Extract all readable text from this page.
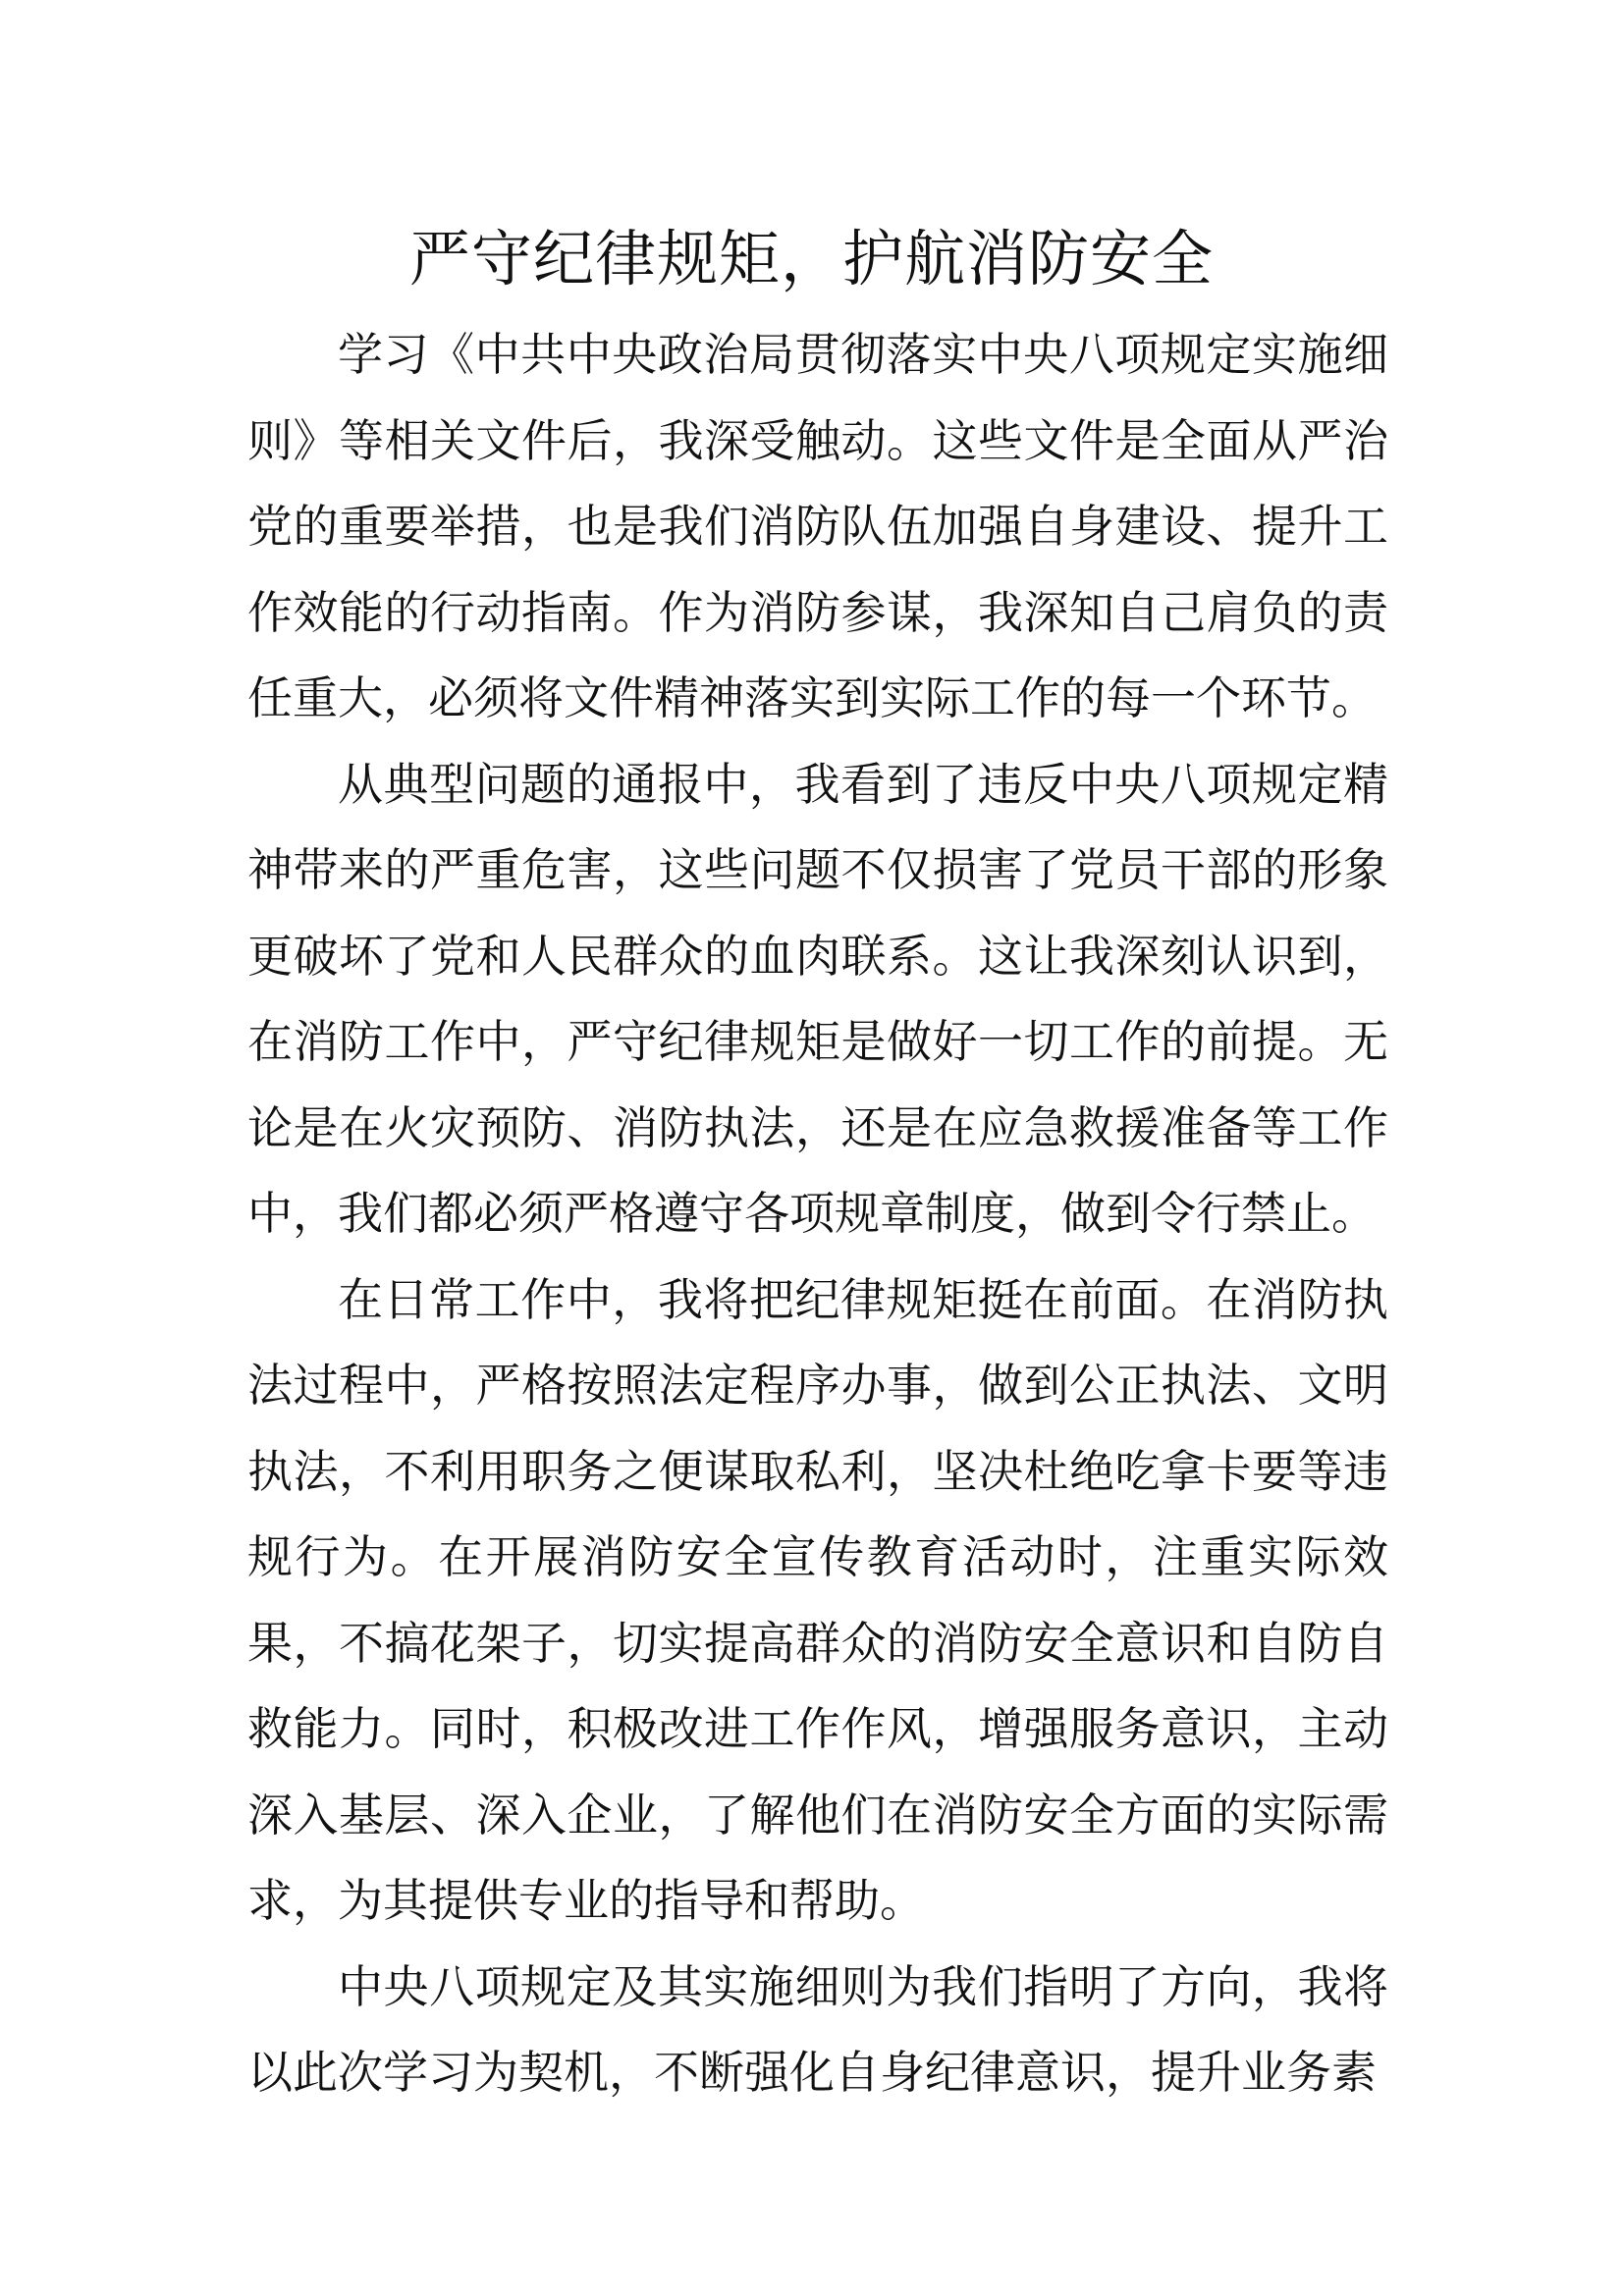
严守纪律规矩，护航消防安全

学习《中共中央政治局贯彻落实中央八项规定实施细则》等相关文件后，我深受触动。这些文件是全面从严治党的重要举措，也是我们消防队伍加强自身建设、提升工作效能的行动指南。作为消防参谋，我深知自己肩负的责任重大，必须将文件精神落实到实际工作的每一个环节。

从典型问题的通报中，我看到了违反中央八项规定精神带来的严重危害，这些问题不仅损害了党员干部的形象更破坏了党和人民群众的血肉联系。这让我深刻认识到，在消防工作中，严守纪律规矩是做好一切工作的前提。无论是在火灾预防、消防执法，还是在应急救援准备等工作中，我们都必须严格遵守各项规章制度，做到令行禁止。

在日常工作中，我将把纪律规矩挺在前面。在消防执法过程中，严格按照法定程序办事，做到公正执法、文明执法，不利用职务之便谋取私利，坚决杜绝吃拿卡要等违规行为。在开展消防安全宣传教育活动时，注重实际效果，不搞花架子，切实提高群众的消防安全意识和自防自救能力。同时，积极改进工作作风，增强服务意识，主动深入基层、深入企业，了解他们在消防安全方面的实际需求，为其提供专业的指导和帮助。

中央八项规定及其实施细则为我们指明了方向，我将以此次学习为契机，不断强化自身纪律意识，提升业务素
